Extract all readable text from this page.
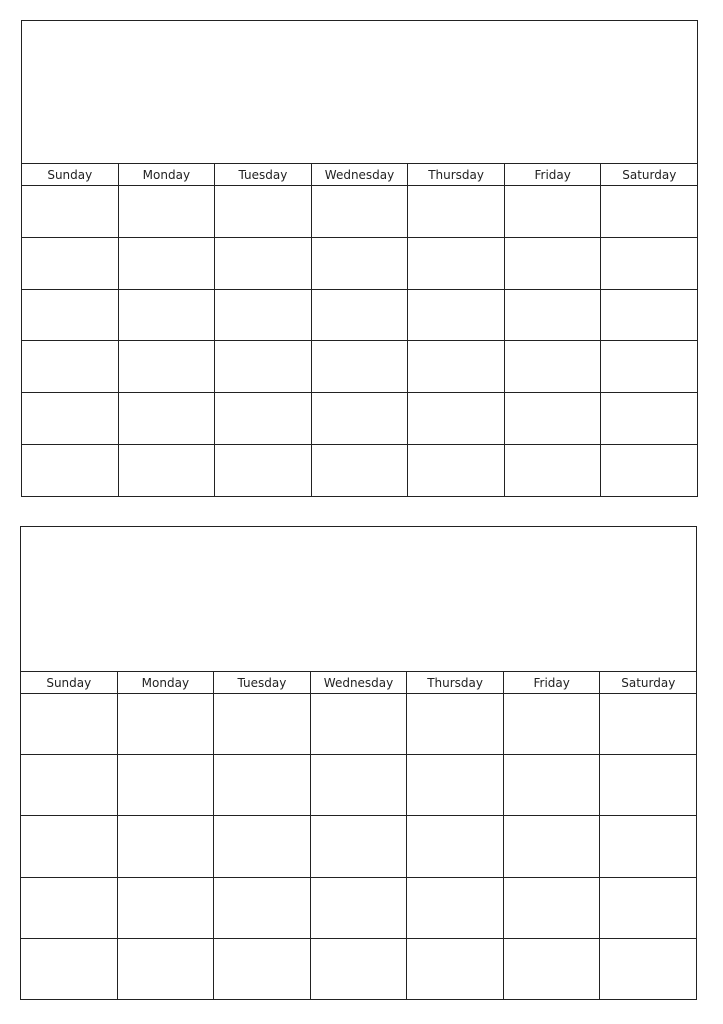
Sunday	Monday	Tuesday	Wednesday	Thursday	Friday	Saturday
Sunday	Monday	Tuesday	Wednesday	Thursday	Friday	Saturday
